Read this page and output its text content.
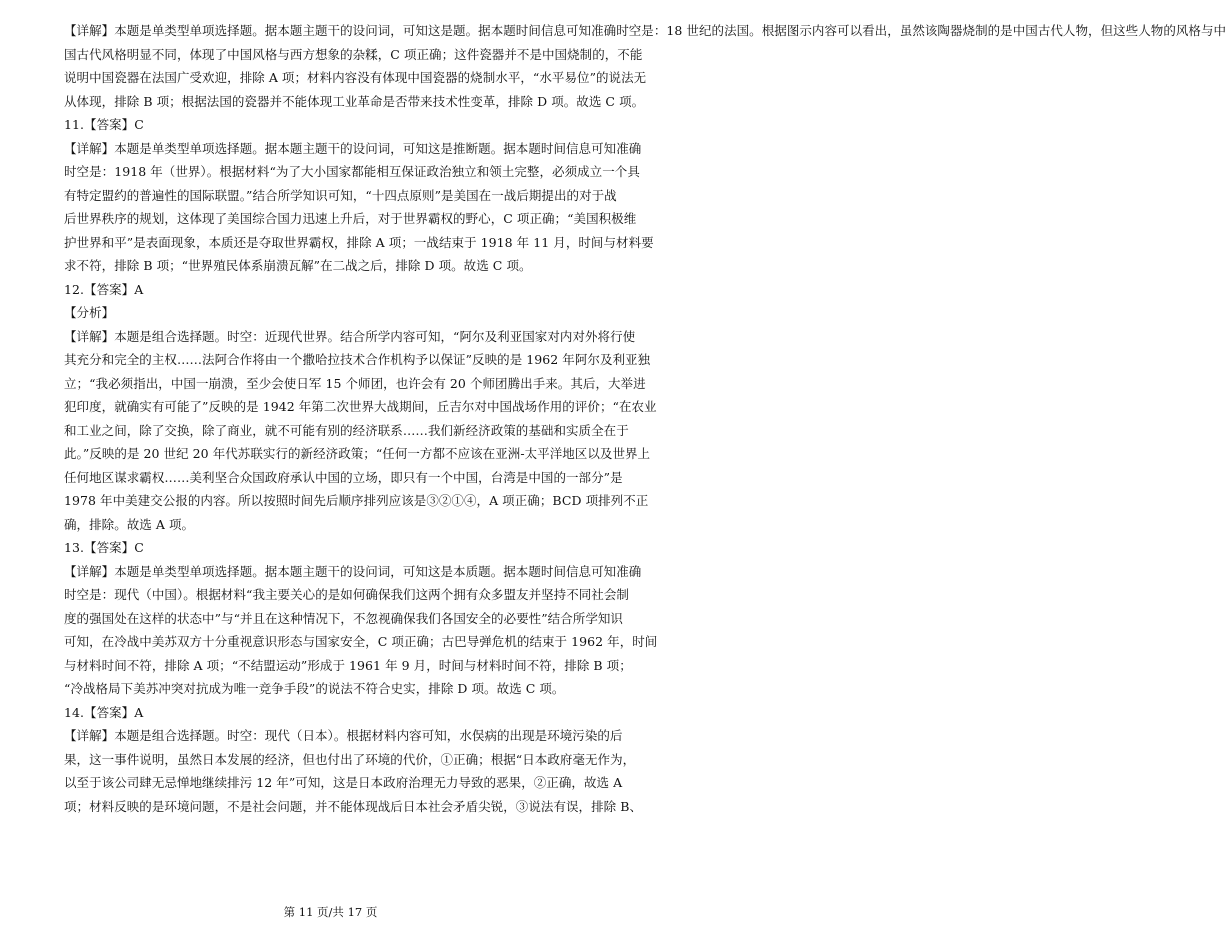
【详解】本题是单类型单项选择题。据本题主题干的设问词，可知这是题。据本题时间信息可知准确时空是：18 世纪的法国。根据图示内容可以看出，虽然该陶器烧制的是中国古代人物，但这些人物的风格与中
国古代风格明显不同，体现了中国风格与西方想象的杂糅，C 项正确；这件瓷器并不是中国烧制的，不能
说明中国瓷器在法国广受欢迎，排除 A 项；材料内容没有体现中国瓷器的烧制水平，“水平易位”的说法无
从体现，排除 B 项；根据法国的瓷器并不能体现工业革命是否带来技术性变革，排除 D 项。故选 C 项。
11.【答案】C
【详解】本题是单类型单项选择题。据本题主题干的设问词，可知这是推断题。据本题时间信息可知准确
时空是：1918 年（世界）。根据材料“为了大小国家都能相互保证政治独立和领土完整，必须成立一个具
有特定盟约的普遍性的国际联盟。”结合所学知识可知，“十四点原则”是美国在一战后期提出的对于战
后世界秩序的规划，这体现了美国综合国力迅速上升后，对于世界霸权的野心，C 项正确；“美国积极维
护世界和平”是表面现象，本质还是夺取世界霸权，排除 A 项；一战结束于 1918 年 11 月，时间与材料要
求不符，排除 B 项；“世界殖民体系崩溃瓦解”在二战之后，排除 D 项。故选 C 项。
12.【答案】A
【分析】
【详解】本题是组合选择题。时空：近现代世界。结合所学内容可知，“阿尔及利亚国家对内对外将行使
其充分和完全的主权……法阿合作将由一个撒哈拉技术合作机构予以保证”反映的是 1962 年阿尔及利亚独
立；“我必须指出，中国一崩溃，至少会使日军 15 个师团，也许会有 20 个师团腾出手来。其后，大举进
犯印度，就确实有可能了”反映的是 1942 年第二次世界大战期间，丘吉尔对中国战场作用的评价；“在农业
和工业之间，除了交换，除了商业，就不可能有别的经济联系……我们新经济政策的基础和实质全在于
此。”反映的是 20 世纪 20 年代苏联实行的新经济政策；“任何一方都不应该在亚洲-太平洋地区以及世界上
任何地区谋求霸权……美利坚合众国政府承认中国的立场，即只有一个中国，台湾是中国的一部分”是
1978 年中美建交公报的内容。所以按照时间先后顺序排列应该是③②①④，A 项正确；BCD 项排列不正
确，排除。故选 A 项。
13.【答案】C
【详解】本题是单类型单项选择题。据本题主题干的设问词，可知这是本质题。据本题时间信息可知准确
时空是：现代（中国）。根据材料“我主要关心的是如何确保我们这两个拥有众多盟友并坚持不同社会制
度的强国处在这样的状态中”与“并且在这种情况下，不忽视确保我们各国安全的必要性”结合所学知识
可知，在冷战中美苏双方十分重视意识形态与国家安全，C 项正确；古巴导弹危机的结束于 1962 年，时间
与材料时间不符，排除 A 项；“不结盟运动”形成于 1961 年 9 月，时间与材料时间不符，排除 B 项；
“冷战格局下美苏冲突对抗成为唯一竞争手段”的说法不符合史实，排除 D 项。故选 C 项。
14.【答案】A
【详解】本题是组合选择题。时空：现代（日本）。根据材料内容可知，水俣病的出现是环境污染的后
果，这一事件说明，虽然日本发展的经济，但也付出了环境的代价，①正确；根据“日本政府毫无作为，
以至于该公司肆无忌惮地继续排污 12 年”可知，这是日本政府治理无力导致的恶果，②正确，故选 A
项；材料反映的是环境问题，不是社会问题，并不能体现战后日本社会矛盾尖锐，③说法有误，排除 B、
第 11 页/共 17 页
